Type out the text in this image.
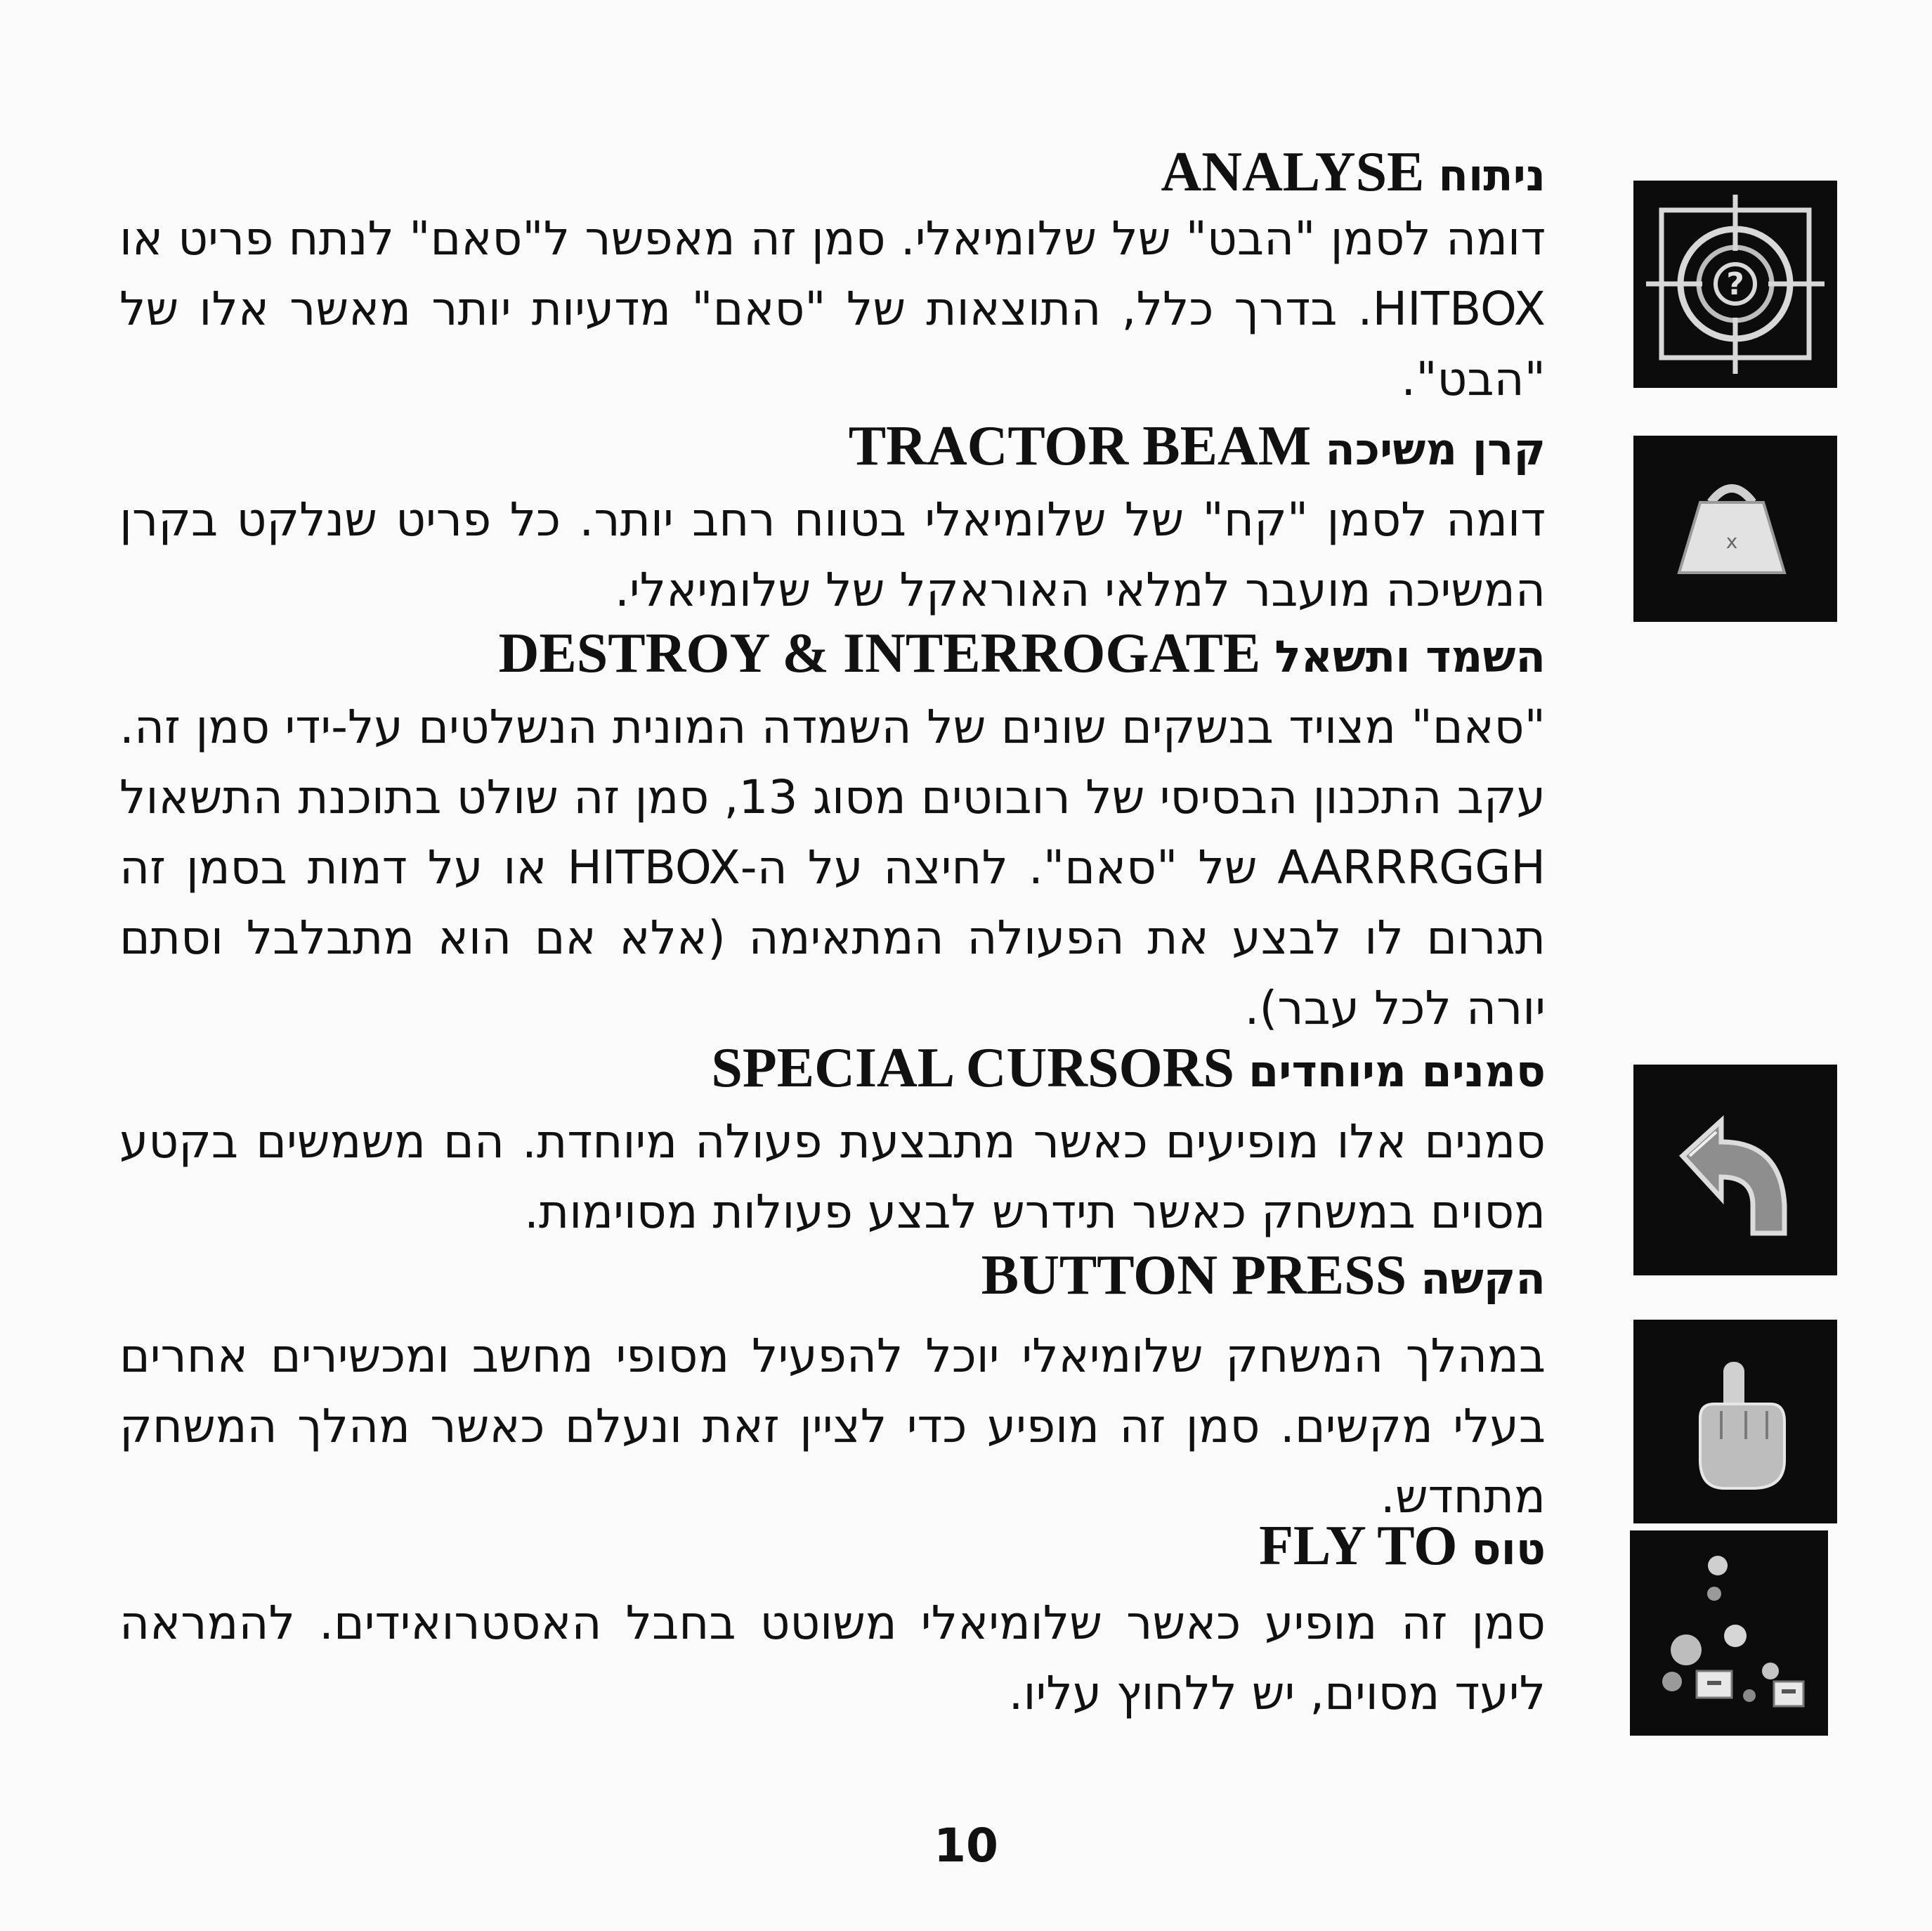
ניתוח ANALYSE
דומה לסמן "הבט" של שלומיאלי. סמן זה מאפשר ל"סאם" לנתח פריט או HITBOX. בדרך כלל, התוצאות של "סאם" מדעיות יותר מאשר אלו של "הבט".
?
קרן משיכה TRACTOR BEAM
דומה לסמן "קח" של שלומיאלי בטווח רחב יותר. כל פריט שנלקט בקרן המשיכה מועבר למלאי האוראקל של שלומיאלי.
x
השמד ותשאל DESTROY & INTERROGATE
"סאם" מצויד בנשקים שונים של השמדה המונית הנשלטים על-ידי סמן זה. עקב התכנון הבסיסי של רובוטים מסוג 13, סמן זה שולט בתוכנת התשאול AARRRGGH של "סאם". לחיצה על ה-HITBOX או על דמות בסמן זה תגרום לו לבצע את הפעולה המתאימה (אלא אם הוא מתבלבל וסתם יורה לכל עבר).
סמנים מיוחדים SPECIAL CURSORS
סמנים אלו מופיעים כאשר מתבצעת פעולה מיוחדת. הם משמשים בקטע מסוים במשחק כאשר תידרש לבצע פעולות מסוימות.
הקשה BUTTON PRESS
במהלך המשחק שלומיאלי יוכל להפעיל מסופי מחשב ומכשירים אחרים בעלי מקשים. סמן זה מופיע כדי לציין זאת ונעלם כאשר מהלך המשחק מתחדש.
טוס FLY TO
סמן זה מופיע כאשר שלומיאלי משוטט בחבל האסטרואידים. להמראה ליעד מסוים, יש ללחוץ עליו.
10
